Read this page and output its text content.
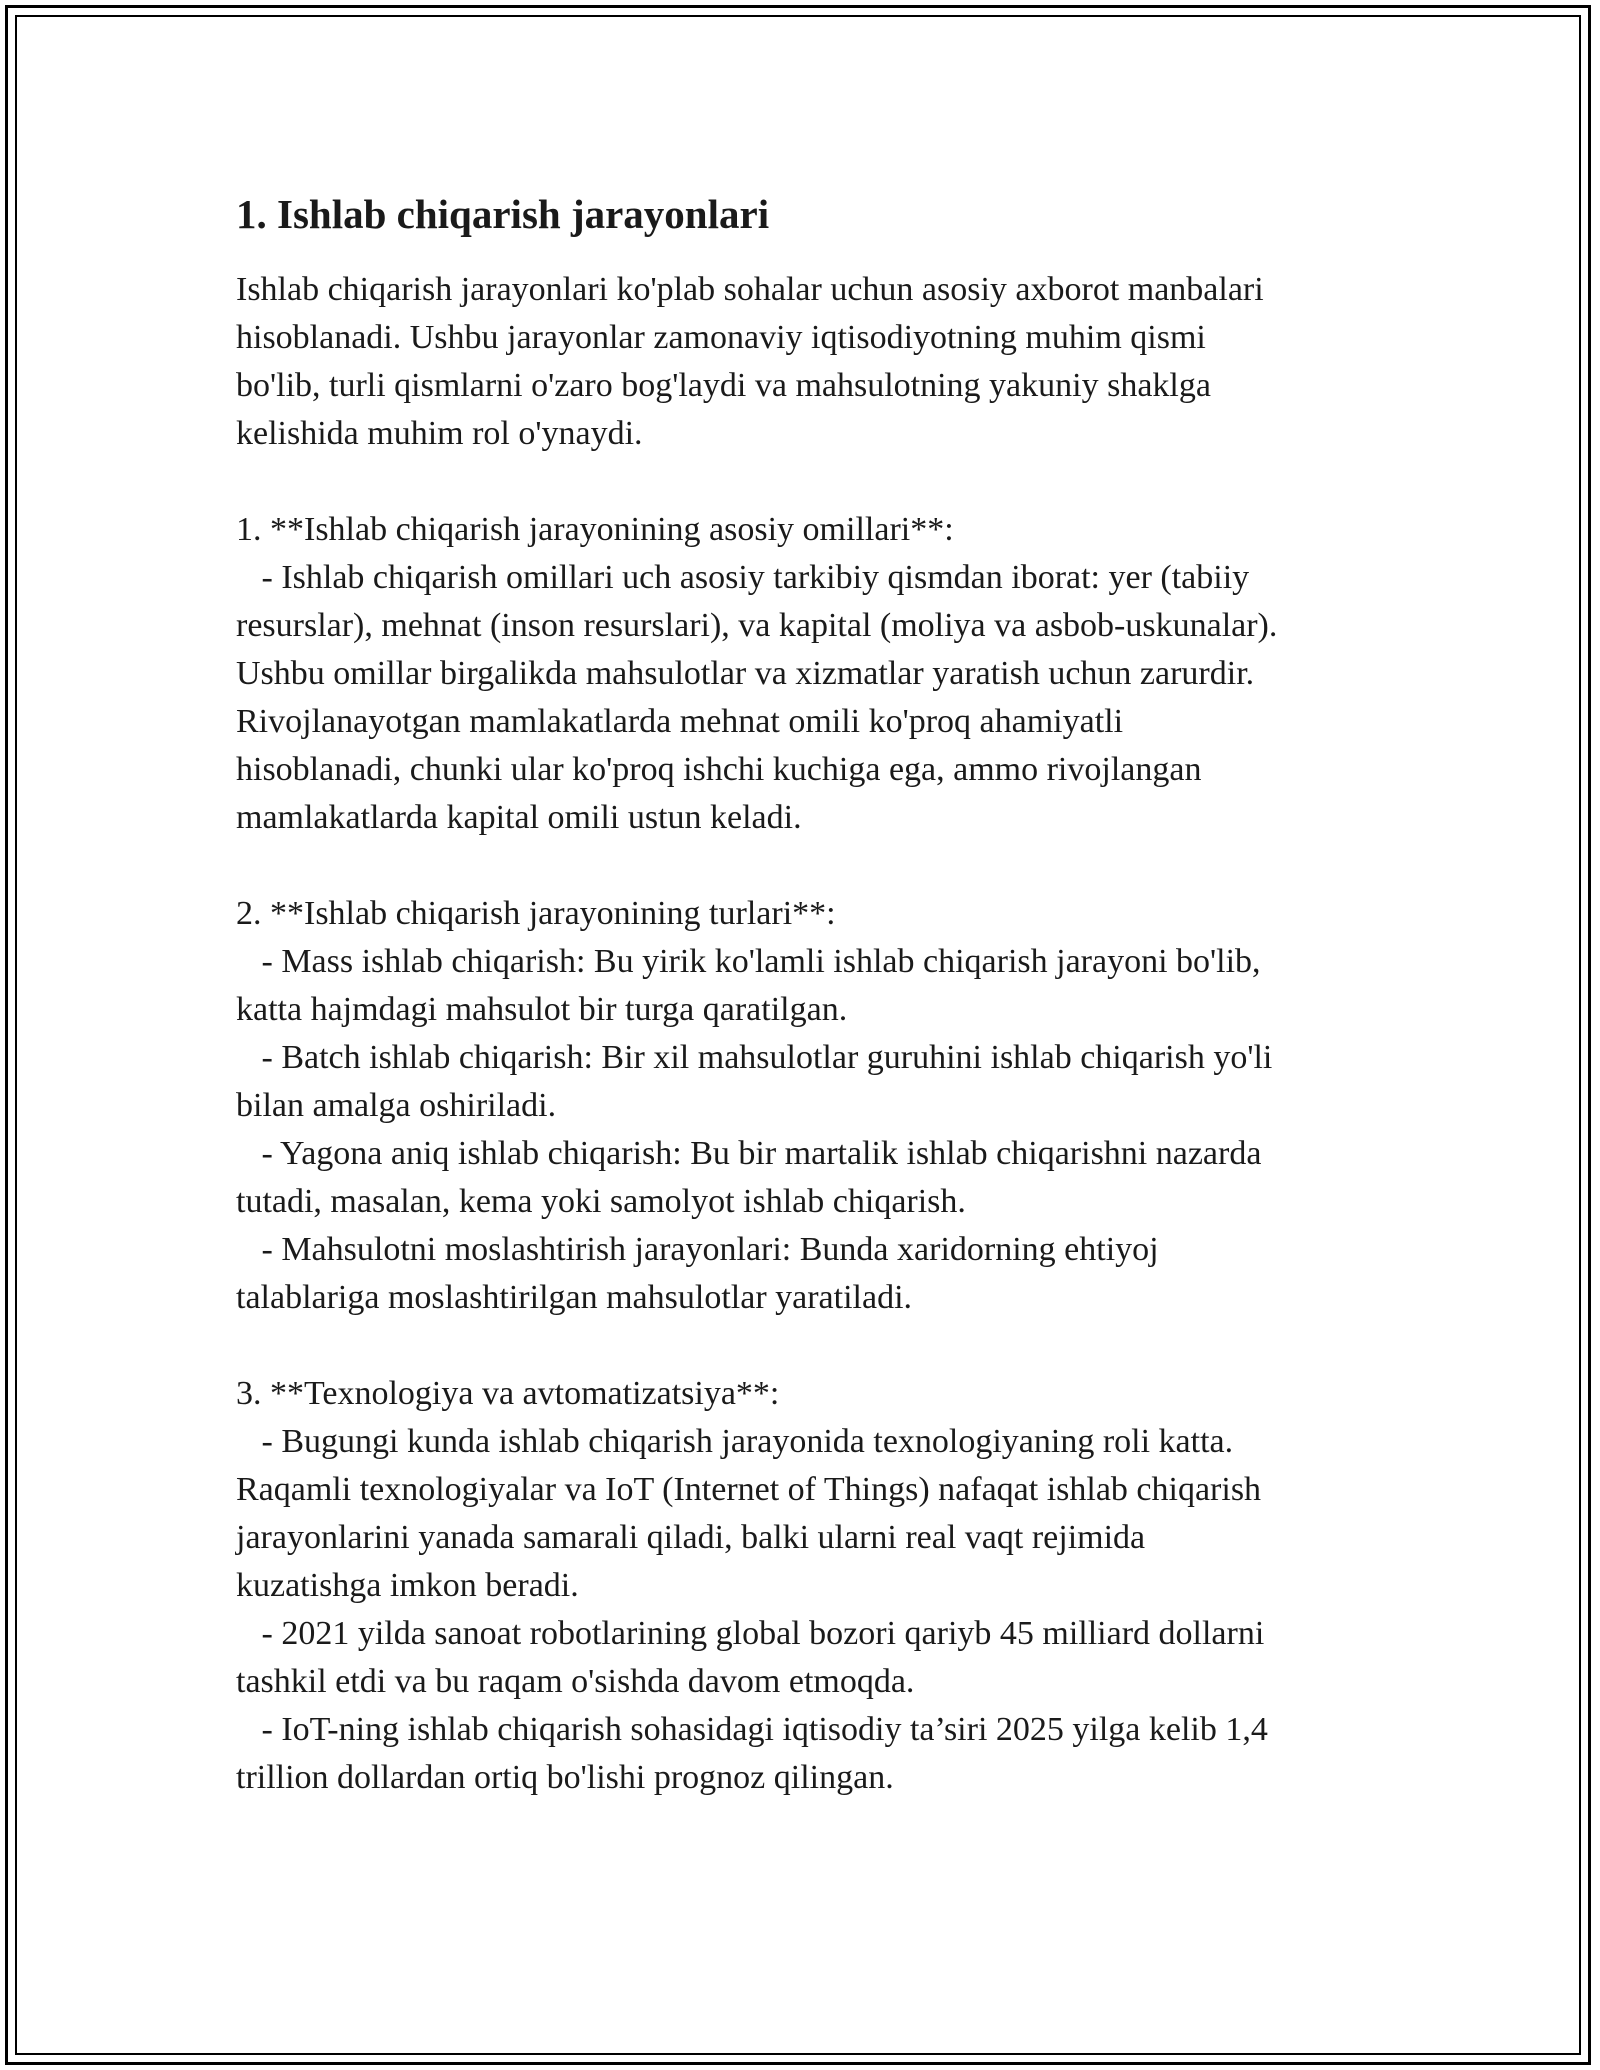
1. Ishlab chiqarish jarayonlari

Ishlab chiqarish jarayonlari ko'plab sohalar uchun asosiy axborot manbalari
hisoblanadi. Ushbu jarayonlar zamonaviy iqtisodiyotning muhim qismi
bo'lib, turli qismlarni o'zaro bog'laydi va mahsulotning yakuniy shaklga
kelishida muhim rol o'ynaydi.

1. **Ishlab chiqarish jarayonining asosiy omillari**:
- Ishlab chiqarish omillari uch asosiy tarkibiy qismdan iborat: yer (tabiiy
resurslar), mehnat (inson resurslari), va kapital (moliya va asbob-uskunalar).
Ushbu omillar birgalikda mahsulotlar va xizmatlar yaratish uchun zarurdir.
Rivojlanayotgan mamlakatlarda mehnat omili ko'proq ahamiyatli
hisoblanadi, chunki ular ko'proq ishchi kuchiga ega, ammo rivojlangan
mamlakatlarda kapital omili ustun keladi.

2. **Ishlab chiqarish jarayonining turlari**:
- Mass ishlab chiqarish: Bu yirik ko'lamli ishlab chiqarish jarayoni bo'lib,
katta hajmdagi mahsulot bir turga qaratilgan.
- Batch ishlab chiqarish: Bir xil mahsulotlar guruhini ishlab chiqarish yo'li
bilan amalga oshiriladi.
- Yagona aniq ishlab chiqarish: Bu bir martalik ishlab chiqarishni nazarda
tutadi, masalan, kema yoki samolyot ishlab chiqarish.
- Mahsulotni moslashtirish jarayonlari: Bunda xaridorning ehtiyoj
talablariga moslashtirilgan mahsulotlar yaratiladi.

3. **Texnologiya va avtomatizatsiya**:
- Bugungi kunda ishlab chiqarish jarayonida texnologiyaning roli katta.
Raqamli texnologiyalar va IoT (Internet of Things) nafaqat ishlab chiqarish
jarayonlarini yanada samarali qiladi, balki ularni real vaqt rejimida
kuzatishga imkon beradi.
- 2021 yilda sanoat robotlarining global bozori qariyb 45 milliard dollarni
tashkil etdi va bu raqam o'sishda davom etmoqda.
- IoT-ning ishlab chiqarish sohasidagi iqtisodiy ta’siri 2025 yilga kelib 1,4
trillion dollardan ortiq bo'lishi prognoz qilingan.
